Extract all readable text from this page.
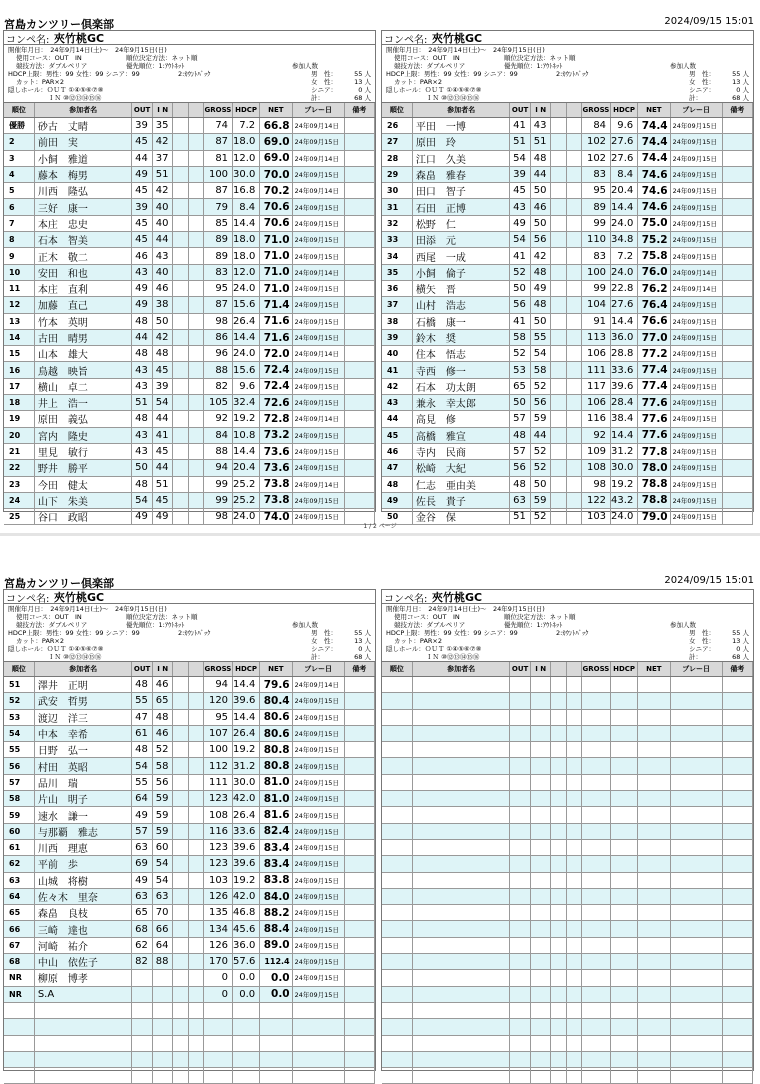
宮島カンツリー倶楽部	2024/09/15 15:01
コンペ名: 夾竹桃GC
開催年月日：　24年9月14日(土)～　24年9月15日(日)
使用コース：OUT　IN
競技方法：ダブルペリア
HDCP上限：男性：99 女性：99 シニア：99
カット：PAR×2
隠しホール：ＯＵＴ ①④⑤⑥⑦⑧
ＩＮ ⑩⑫⑬⑭⑮⑯
順位決定方法：ネット順
優先順位：1:ｱｳﾄﾈｯﾄ
2:ｶｳﾝﾄﾊﾞｯｸ
参加人数
男　性：	55 人
女　性：	13 人
シニア：	0 人
計：	68 人
順位	参加者名	OUT	I N			GROSS	HDCP	NET	プレー日	備考
優勝	砂古　丈晴	39	35			74	7.2	66.8	24年09月14日	
2	前田　実	45	42			87	18.0	69.0	24年09月15日	
3	小飼　雅道	44	37			81	12.0	69.0	24年09月14日	
4	藤本　梅男	49	51			100	30.0	70.0	24年09月15日	
5	川西　隆弘	45	42			87	16.8	70.2	24年09月14日	
6	三好　康一	39	40			79	8.4	70.6	24年09月15日	
7	本庄　忠史	45	40			85	14.4	70.6	24年09月15日	
8	石本　智美	45	44			89	18.0	71.0	24年09月15日	
9	正木　敬二	46	43			89	18.0	71.0	24年09月15日	
10	安田　和也	43	40			83	12.0	71.0	24年09月14日	
11	本庄　直利	49	46			95	24.0	71.0	24年09月15日	
12	加藤　直己	49	38			87	15.6	71.4	24年09月15日	
13	竹本　英明	48	50			98	26.4	71.6	24年09月15日	
14	古田　晴男	44	42			86	14.4	71.6	24年09月15日	
15	山本　雄大	48	48			96	24.0	72.0	24年09月14日	
16	鳥越　映旨	43	45			88	15.6	72.4	24年09月15日	
17	横山　卓二	43	39			82	9.6	72.4	24年09月15日	
18	井上　浩一	51	54			105	32.4	72.6	24年09月15日	
19	原田　義弘	48	44			92	19.2	72.8	24年09月14日	
20	宮内　隆史	43	41			84	10.8	73.2	24年09月15日	
21	里見　敏行	43	45			88	14.4	73.6	24年09月15日	
22	野井　勝平	50	44			94	20.4	73.6	24年09月15日	
23	今田　健太	48	51			99	25.2	73.8	24年09月14日	
24	山下　朱美	54	45			99	25.2	73.8	24年09月15日	
25	谷口　政昭	49	49			98	24.0	74.0	24年09月15日	
コンペ名: 夾竹桃GC
開催年月日：　24年9月14日(土)～　24年9月15日(日)
使用コース：OUT　IN
競技方法：ダブルペリア
HDCP上限：男性：99 女性：99 シニア：99
カット：PAR×2
隠しホール：ＯＵＴ ①④⑤⑥⑦⑧
ＩＮ ⑩⑫⑬⑭⑮⑯
順位決定方法：ネット順
優先順位：1:ｱｳﾄﾈｯﾄ
2:ｶｳﾝﾄﾊﾞｯｸ
参加人数
男　性：	55 人
女　性：	13 人
シニア：	0 人
計：	68 人
順位	参加者名	OUT	I N			GROSS	HDCP	NET	プレー日	備考
26	平田　一博	41	43			84	9.6	74.4	24年09月15日	
27	原田　玲	51	51			102	27.6	74.4	24年09月15日	
28	江口　久美	54	48			102	27.6	74.4	24年09月15日	
29	森畠　雅春	39	44			83	8.4	74.6	24年09月15日	
30	田口　智子	45	50			95	20.4	74.6	24年09月15日	
31	石田　正博	43	46			89	14.4	74.6	24年09月15日	
32	松野　仁	49	50			99	24.0	75.0	24年09月15日	
33	田添　元	54	56			110	34.8	75.2	24年09月15日	
34	西尾　一成	41	42			83	7.2	75.8	24年09月15日	
35	小飼　倫子	52	48			100	24.0	76.0	24年09月14日	
36	横矢　晋	50	49			99	22.8	76.2	24年09月14日	
37	山村　浩志	56	48			104	27.6	76.4	24年09月15日	
38	石橋　康一	41	50			91	14.4	76.6	24年09月15日	
39	鈴木　奨	58	55			113	36.0	77.0	24年09月15日	
40	住本　悟志	52	54			106	28.8	77.2	24年09月15日	
41	寺西　修一	53	58			111	33.6	77.4	24年09月15日	
42	石本　功太朗	65	52			117	39.6	77.4	24年09月15日	
43	兼永　幸太郎	50	56			106	28.4	77.6	24年09月15日	
44	高見　修	57	59			116	38.4	77.6	24年09月15日	
45	高橋　雅宣	48	44			92	14.4	77.6	24年09月15日	
46	寺内　民商	57	52			109	31.2	77.8	24年09月15日	
47	松崎　大紀	56	52			108	30.0	78.0	24年09月15日	
48	仁志　亜由美	48	50			98	19.2	78.8	24年09月15日	
49	佐長　貴子	63	59			122	43.2	78.8	24年09月15日	
50	金谷　保	51	52			103	24.0	79.0	24年09月15日	
1 / 2 ページ
宮島カンツリー倶楽部	2024/09/15 15:01
コンペ名: 夾竹桃GC
開催年月日：　24年9月14日(土)～　24年9月15日(日)
使用コース：OUT　IN
競技方法：ダブルペリア
HDCP上限：男性：99 女性：99 シニア：99
カット：PAR×2
隠しホール：ＯＵＴ ①④⑤⑥⑦⑧
ＩＮ ⑩⑫⑬⑭⑮⑯
順位決定方法：ネット順
優先順位：1:ｱｳﾄﾈｯﾄ
2:ｶｳﾝﾄﾊﾞｯｸ
参加人数
男　性：	55 人
女　性：	13 人
シニア：	0 人
計：	68 人
順位	参加者名	OUT	I N			GROSS	HDCP	NET	プレー日	備考
51	澤井　正明	48	46			94	14.4	79.6	24年09月14日	
52	武安　哲男	55	65			120	39.6	80.4	24年09月15日	
53	渡辺　洋三	47	48			95	14.4	80.6	24年09月15日	
54	中本　幸希	61	46			107	26.4	80.6	24年09月15日	
55	日野　弘一	48	52			100	19.2	80.8	24年09月15日	
56	村田　英昭	54	58			112	31.2	80.8	24年09月15日	
57	品川　瑞	55	56			111	30.0	81.0	24年09月15日	
58	片山　明子	64	59			123	42.0	81.0	24年09月15日	
59	速水　謙一	49	59			108	26.4	81.6	24年09月15日	
60	与那覇　雅志	57	59			116	33.6	82.4	24年09月15日	
61	川西　理恵	63	60			123	39.6	83.4	24年09月15日	
62	平前　歩	69	54			123	39.6	83.4	24年09月15日	
63	山城　将樹	49	54			103	19.2	83.8	24年09月15日	
64	佐々木　里奈	63	63			126	42.0	84.0	24年09月15日	
65	森畠　良枝	65	70			135	46.8	88.2	24年09月15日	
66	三崎　達也	68	66			134	45.6	88.4	24年09月15日	
67	河崎　祐介	62	64			126	36.0	89.0	24年09月15日	
68	中山　依佐子	82	88			170	57.6	112.4	24年09月15日	
NR	柳原　博孝					0	0.0	0.0	24年09月15日	
NR	S.A					0	0.0	0.0	24年09月15日	

コンペ名: 夾竹桃GC
開催年月日：　24年9月14日(土)～　24年9月15日(日)
使用コース：OUT　IN
競技方法：ダブルペリア
HDCP上限：男性：99 女性：99 シニア：99
カット：PAR×2
隠しホール：ＯＵＴ ①④⑤⑥⑦⑧
ＩＮ ⑩⑫⑬⑭⑮⑯
順位決定方法：ネット順
優先順位：1:ｱｳﾄﾈｯﾄ
2:ｶｳﾝﾄﾊﾞｯｸ
参加人数
男　性：	55 人
女　性：	13 人
シニア：	0 人
計：	68 人
順位	参加者名	OUT	I N			GROSS	HDCP	NET	プレー日	備考
